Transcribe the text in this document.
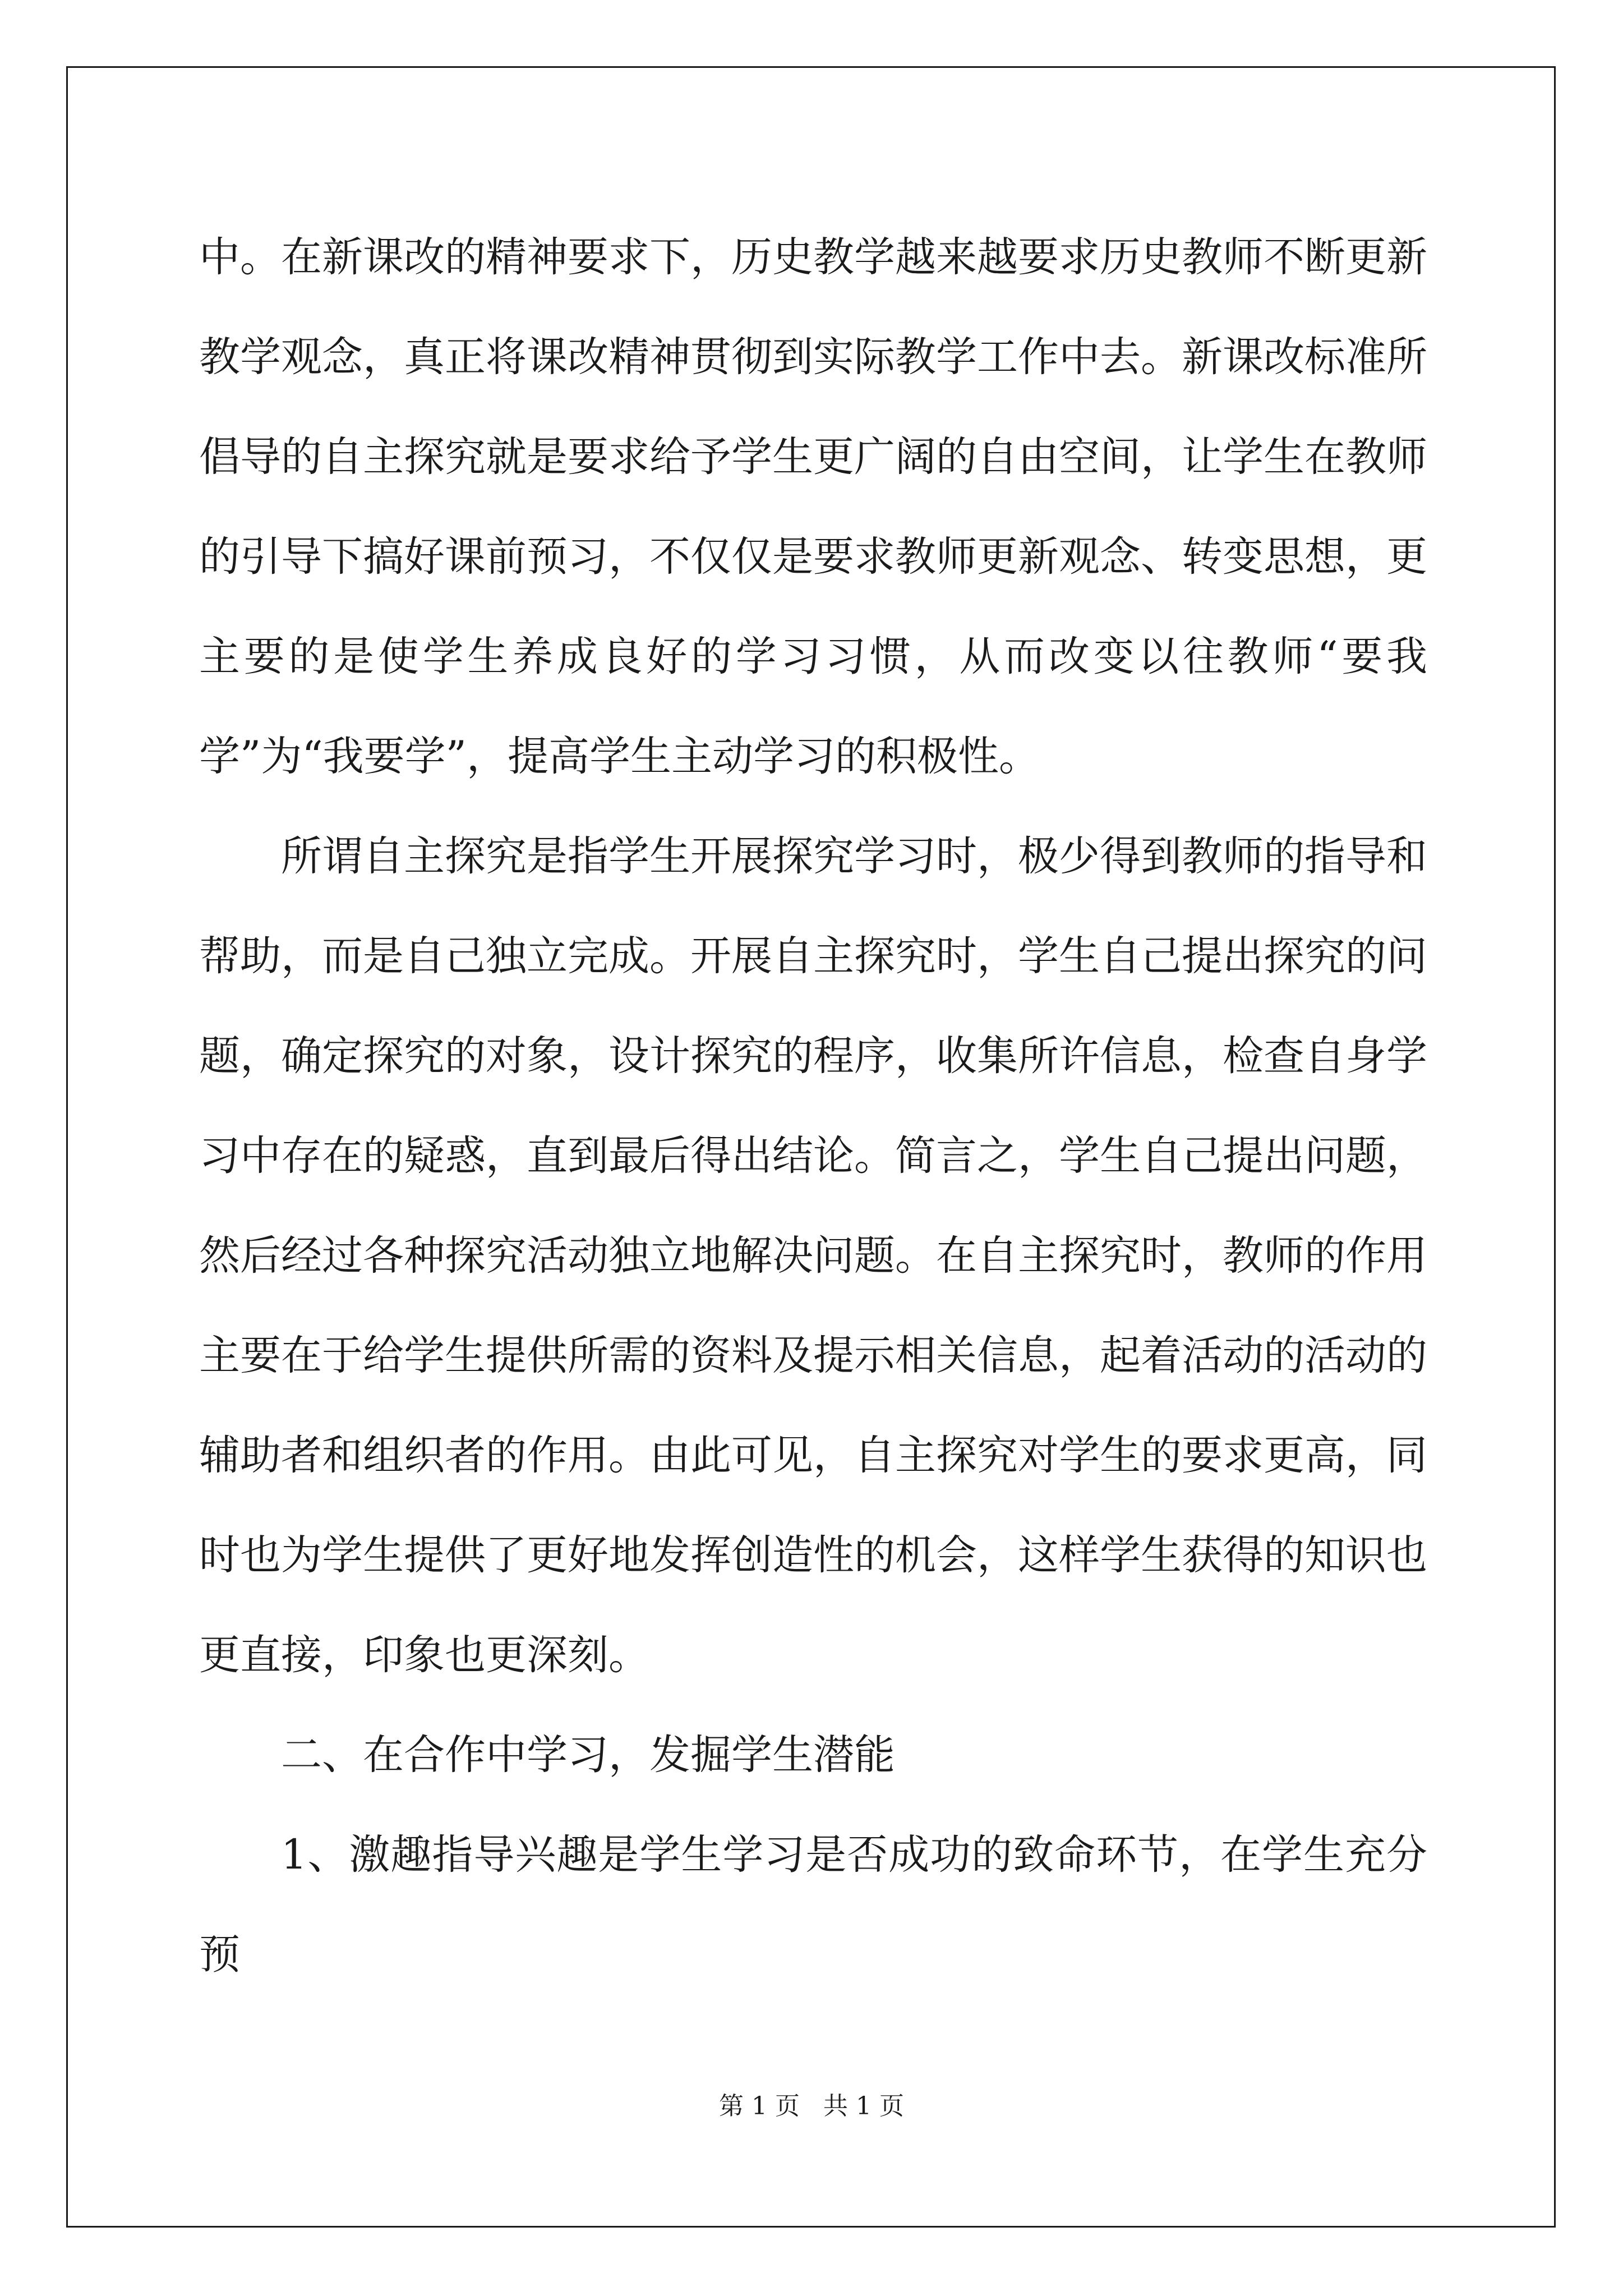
中。在新课改的精神要求下，历史教学越来越要求历史教师不断更新教学观念，真正将课改精神贯彻到实际教学工作中去。新课改标准所倡导的自主探究就是要求给予学生更广阔的自由空间，让学生在教师的引导下搞好课前预习，不仅仅是要求教师更新观念、转变思想，更主要的是使学生养成良好的学习习惯，从而改变以往教师“要我学”为“我要学”，提高学生主动学习的积极性。

所谓自主探究是指学生开展探究学习时，极少得到教师的指导和帮助，而是自己独立完成。开展自主探究时，学生自己提出探究的问题，确定探究的对象，设计探究的程序，收集所许信息，检查自身学习中存在的疑惑，直到最后得出结论。简言之，学生自己提出问题，然后经过各种探究活动独立地解决问题。在自主探究时，教师的作用主要在于给学生提供所需的资料及提示相关信息，起着活动的活动的辅助者和组织者的作用。由此可见，自主探究对学生的要求更高，同时也为学生提供了更好地发挥创造性的机会，这样学生获得的知识也更直接，印象也更深刻。

二、在合作中学习，发掘学生潜能

1、激趣指导兴趣是学生学习是否成功的致命环节，在学生充分预

第 1 页   共 1 页
